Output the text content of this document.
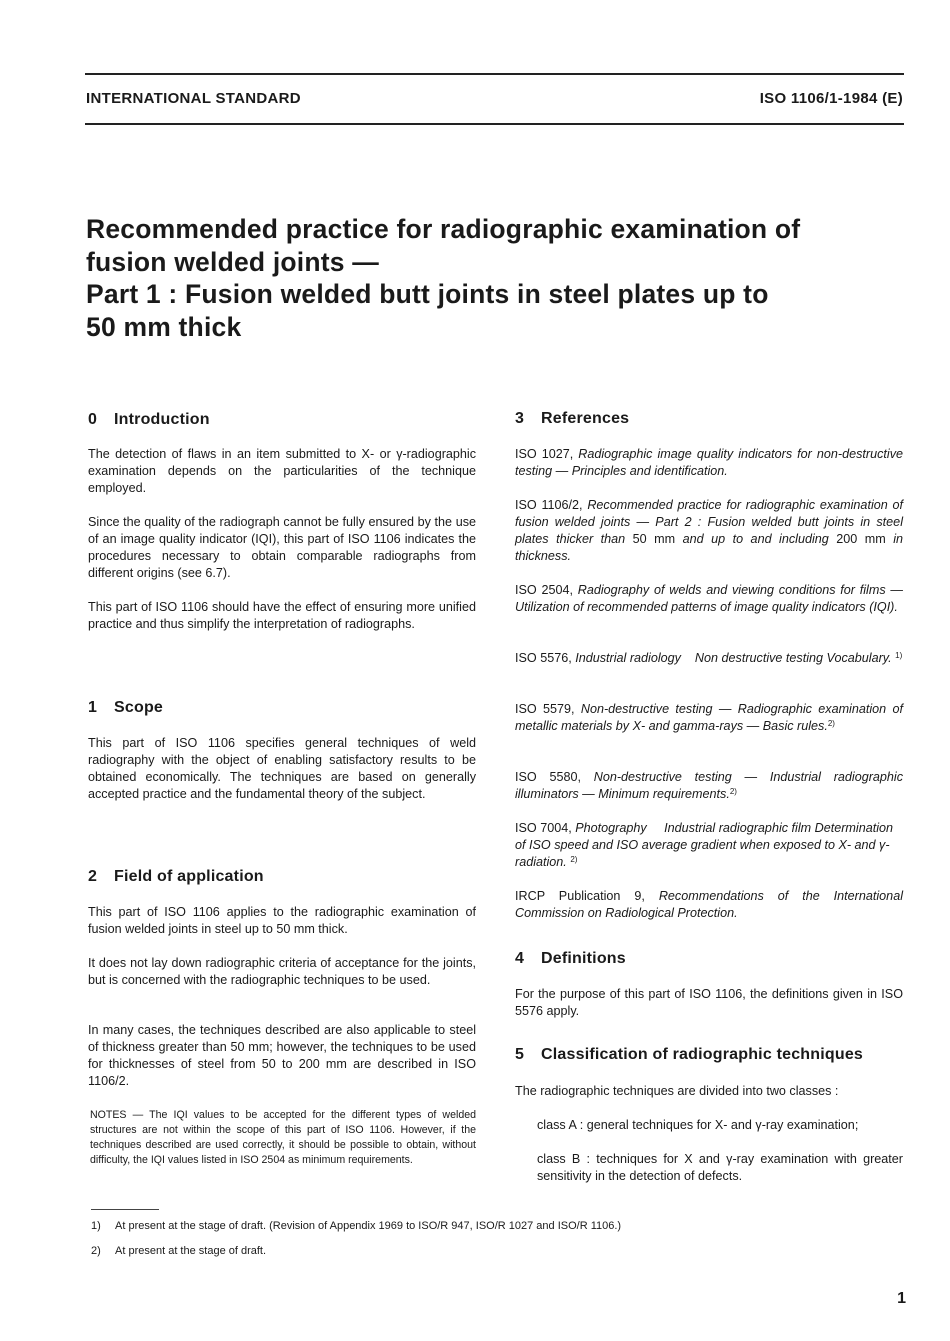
INTERNATIONAL STANDARD	ISO 1106/1-1984 (E)
Recommended practice for radiographic examination of
fusion welded joints —
Part 1 : Fusion welded butt joints in steel plates up to
50 mm thick
0 Introduction
The detection of flaws in an item submitted to X- or γ-radiographic examination depends on the particularities of the technique employed.
Since the quality of the radiograph cannot be fully ensured by the use of an image quality indicator (IQI), this part of ISO 1106 indicates the procedures necessary to obtain comparable radiographs from different origins (see 6.7).
This part of ISO 1106 should have the effect of ensuring more unified practice and thus simplify the interpretation of radiographs.
1 Scope
This part of ISO 1106 specifies general techniques of weld radiography with the object of enabling satisfactory results to be obtained economically. The techniques are based on generally accepted practice and the fundamental theory of the subject.
2 Field of application
This part of ISO 1106 applies to the radiographic examination of fusion welded joints in steel up to 50 mm thick.
It does not lay down radiographic criteria of acceptance for the joints, but is concerned with the radiographic techniques to be used.
In many cases, the techniques described are also applicable to steel of thickness greater than 50 mm; however, the techniques to be used for thicknesses of steel from 50 to 200 mm are described in ISO 1106/2.
NOTES — The IQI values to be accepted for the different types of welded structures are not within the scope of this part of ISO 1106. However, if the techniques described are used correctly, it should be possible to obtain, without difficulty, the IQI values listed in ISO 2504 as minimum requirements.
3 References
ISO 1027, Radiographic image quality indicators for non-destructive testing — Principles and identification.
ISO 1106/2, Recommended practice for radiographic examination of fusion welded joints — Part 2 : Fusion welded butt joints in steel plates thicker than 50 mm and up to and including 200 mm in thickness.
ISO 2504, Radiography of welds and viewing conditions for films — Utilization of recommended patterns of image quality indicators (IQI).
ISO 5576, Industrial radiology    Non destructive testing Vocabulary. $^{1)}$
ISO 5579, Non-destructive testing — Radiographic examination of metallic materials by X- and gamma-rays — Basic rules.$^{2)}$
ISO 5580, Non-destructive testing — Industrial radiographic illuminators — Minimum requirements.$^{2)}$
ISO 7004, Photography     Industrial radiographic film Determination of ISO speed and ISO average gradient when exposed to X- and γ-radiation. $^{2)}$
IRCP Publication 9, Recommendations of the International Commission on Radiological Protection.
4 Definitions
For the purpose of this part of ISO 1106, the definitions given in ISO 5576 apply.
5 Classification of radiographic techniques
The radiographic techniques are divided into two classes :
class A : general techniques for X- and γ-ray examination;
class B : techniques for X and γ-ray examination with greater sensitivity in the detection of defects.
1) At present at the stage of draft. (Revision of Appendix 1969 to ISO/R 947, ISO/R 1027 and ISO/R 1106.)
2) At present at the stage of draft.
1
